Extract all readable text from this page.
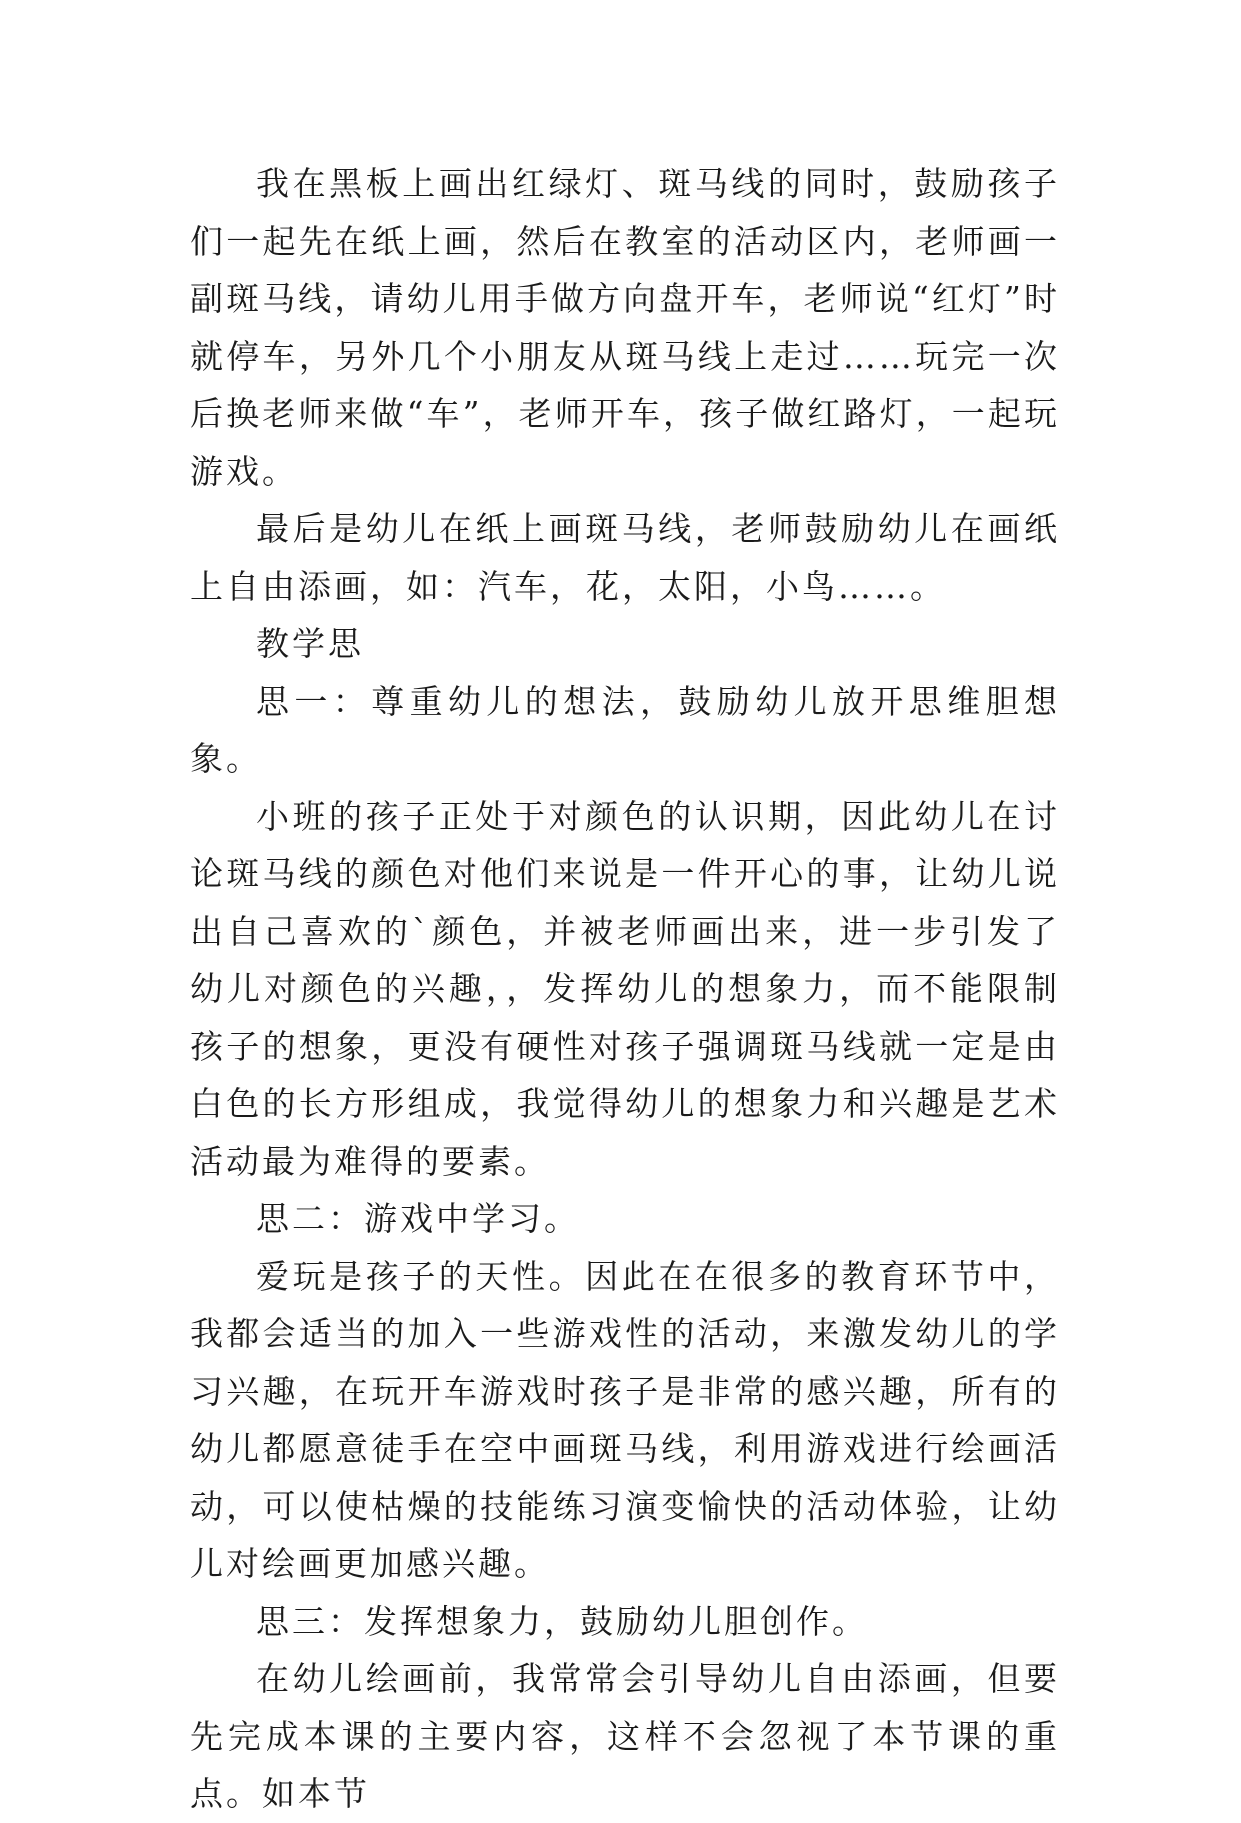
我在黑板上画出红绿灯、斑马线的同时，鼓励孩子们一起先在纸上画，然后在教室的活动区内，老师画一副斑马线，请幼儿用手做方向盘开车，老师说“红灯”时就停车，另外几个小朋友从斑马线上走过……玩完一次后换老师来做“车”，老师开车，孩子做红路灯，一起玩游戏。

最后是幼儿在纸上画斑马线，老师鼓励幼儿在画纸上自由添画，如：汽车，花，太阳，小鸟……。

教学思

思一：尊重幼儿的想法，鼓励幼儿放开思维胆想象。

小班的孩子正处于对颜色的认识期，因此幼儿在讨论斑马线的颜色对他们来说是一件开心的事，让幼儿说出自己喜欢的`颜色，并被老师画出来，进一步引发了幼儿对颜色的兴趣，，发挥幼儿的想象力，而不能限制孩子的想象，更没有硬性对孩子强调斑马线就一定是由白色的长方形组成，我觉得幼儿的想象力和兴趣是艺术活动最为难得的要素。

思二：游戏中学习。

爱玩是孩子的天性。因此在在很多的教育环节中，我都会适当的加入一些游戏性的活动，来激发幼儿的学习兴趣，在玩开车游戏时孩子是非常的感兴趣，所有的幼儿都愿意徒手在空中画斑马线，利用游戏进行绘画活动，可以使枯燥的技能练习演变愉快的活动体验，让幼儿对绘画更加感兴趣。

思三：发挥想象力，鼓励幼儿胆创作。

在幼儿绘画前，我常常会引导幼儿自由添画，但要先完成本课的主要内容，这样不会忽视了本节课的重点。如本节
